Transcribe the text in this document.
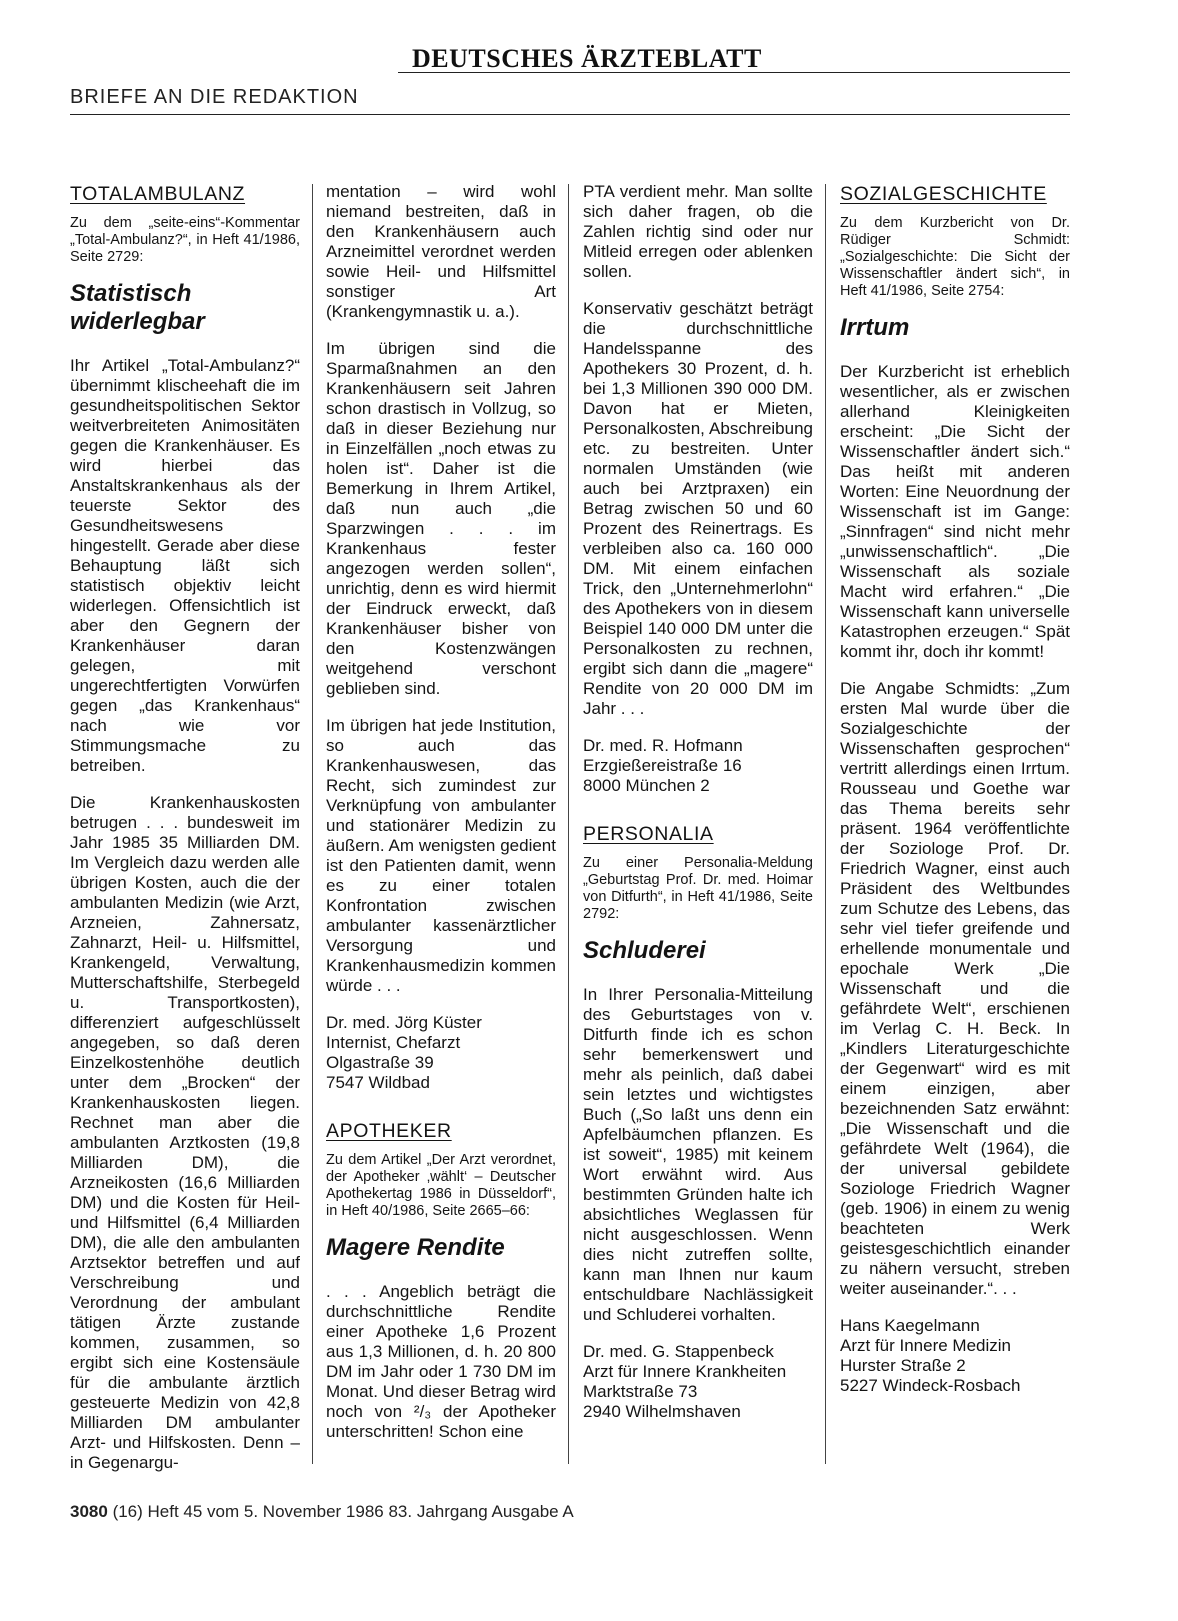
DEUTSCHES ÄRZTEBLATT
BRIEFE AN DIE REDAKTION
TOTALAMBULANZ
Zu dem „seite-eins“-Kommentar „Total-Ambulanz?“, in Heft 41/1986, Seite 2729:
Statistisch widerlegbar
Ihr Artikel „Total-Ambulanz?“ übernimmt klischeehaft die im gesundheitspolitischen Sektor weitverbreiteten Animositäten gegen die Krankenhäuser. Es wird hierbei das Anstaltskrankenhaus als der teuerste Sektor des Gesundheitswesens hingestellt. Gerade aber diese Behauptung läßt sich statistisch objektiv leicht widerlegen. Offensichtlich ist aber den Gegnern der Krankenhäuser daran gelegen, mit ungerechtfertigten Vorwürfen gegen „das Krankenhaus“ nach wie vor Stimmungsmache zu betreiben.
Die Krankenhauskosten betrugen . . . bundesweit im Jahr 1985 35 Milliarden DM. Im Vergleich dazu werden alle übrigen Kosten, auch die der ambulanten Medizin (wie Arzt, Arzneien, Zahnersatz, Zahnarzt, Heil- u. Hilfsmittel, Krankengeld, Verwaltung, Mutterschaftshilfe, Sterbegeld u. Transportkosten), differenziert aufgeschlüsselt angegeben, so daß deren Einzelkostenhöhe deutlich unter dem „Brocken“ der Krankenhauskosten liegen. Rechnet man aber die ambulanten Arztkosten (19,8 Milliarden DM), die Arzneikosten (16,6 Milliarden DM) und die Kosten für Heil- und Hilfsmittel (6,4 Milliarden DM), die alle den ambulanten Arztsektor betreffen und auf Verschreibung und Verordnung der ambulant tätigen Ärzte zustande kommen, zusammen, so ergibt sich eine Kostensäule für die ambulante ärztlich gesteuerte Medizin von 42,8 Milliarden DM ambulanter Arzt- und Hilfskosten. Denn – in Gegenargu-
mentation – wird wohl niemand bestreiten, daß in den Krankenhäusern auch Arzneimittel verordnet werden sowie Heil- und Hilfsmittel sonstiger Art (Krankengymnastik u. a.).
Im übrigen sind die Sparmaßnahmen an den Krankenhäusern seit Jahren schon drastisch in Vollzug, so daß in dieser Beziehung nur in Einzelfällen „noch etwas zu holen ist“. Daher ist die Bemerkung in Ihrem Artikel, daß nun auch „die Sparzwingen . . . im Krankenhaus fester angezogen werden sollen“, unrichtig, denn es wird hiermit der Eindruck erweckt, daß Krankenhäuser bisher von den Kostenzwängen weitgehend verschont geblieben sind.
Im übrigen hat jede Institution, so auch das Krankenhauswesen, das Recht, sich zumindest zur Verknüpfung von ambulanter und stationärer Medizin zu äußern. Am wenigsten gedient ist den Patienten damit, wenn es zu einer totalen Konfrontation zwischen ambulanter kassenärztlicher Versorgung und Krankenhausmedizin kommen würde . . .
Dr. med. Jörg Küster
Internist, Chefarzt
Olgastraße 39
7547 Wildbad
APOTHEKER
Zu dem Artikel „Der Arzt verordnet, der Apotheker ‚wählt‘ – Deutscher Apothekertag 1986 in Düsseldorf“, in Heft 40/1986, Seite 2665–66:
Magere Rendite
. . . Angeblich beträgt die durchschnittliche Rendite einer Apotheke 1,6 Prozent aus 1,3 Millionen, d. h. 20 800 DM im Jahr oder 1 730 DM im Monat. Und dieser Betrag wird noch von ²/₃ der Apotheker unterschritten! Schon eine
PTA verdient mehr. Man sollte sich daher fragen, ob die Zahlen richtig sind oder nur Mitleid erregen oder ablenken sollen.
Konservativ geschätzt beträgt die durchschnittliche Handelsspanne des Apothekers 30 Prozent, d. h. bei 1,3 Millionen 390 000 DM. Davon hat er Mieten, Personalkosten, Abschreibung etc. zu bestreiten. Unter normalen Umständen (wie auch bei Arztpraxen) ein Betrag zwischen 50 und 60 Prozent des Reinertrags. Es verbleiben also ca. 160 000 DM. Mit einem einfachen Trick, den „Unternehmerlohn“ des Apothekers von in diesem Beispiel 140 000 DM unter die Personalkosten zu rechnen, ergibt sich dann die „magere“ Rendite von 20 000 DM im Jahr . . .
Dr. med. R. Hofmann
Erzgießereistraße 16
8000 München 2
PERSONALIA
Zu einer Personalia-Meldung „Geburtstag Prof. Dr. med. Hoimar von Ditfurth“, in Heft 41/1986, Seite 2792:
Schluderei
In Ihrer Personalia-Mitteilung des Geburtstages von v. Ditfurth finde ich es schon sehr bemerkenswert und mehr als peinlich, daß dabei sein letztes und wichtigstes Buch („So laßt uns denn ein Apfelbäumchen pflanzen. Es ist soweit“, 1985) mit keinem Wort erwähnt wird. Aus bestimmten Gründen halte ich absichtliches Weglassen für nicht ausgeschlossen. Wenn dies nicht zutreffen sollte, kann man Ihnen nur kaum entschuldbare Nachlässigkeit und Schluderei vorhalten.
Dr. med. G. Stappenbeck
Arzt für Innere Krankheiten
Marktstraße 73
2940 Wilhelmshaven
SOZIALGESCHICHTE
Zu dem Kurzbericht von Dr. Rüdiger Schmidt: „Sozialgeschichte: Die Sicht der Wissenschaftler ändert sich“, in Heft 41/1986, Seite 2754:
Irrtum
Der Kurzbericht ist erheblich wesentlicher, als er zwischen allerhand Kleinigkeiten erscheint: „Die Sicht der Wissenschaftler ändert sich.“ Das heißt mit anderen Worten: Eine Neuordnung der Wissenschaft ist im Gange: „Sinnfragen“ sind nicht mehr „unwissenschaftlich“. „Die Wissenschaft als soziale Macht wird erfahren.“ „Die Wissenschaft kann universelle Katastrophen erzeugen.“ Spät kommt ihr, doch ihr kommt!
Die Angabe Schmidts: „Zum ersten Mal wurde über die Sozialgeschichte der Wissenschaften gesprochen“ vertritt allerdings einen Irrtum. Rousseau und Goethe war das Thema bereits sehr präsent. 1964 veröffentlichte der Soziologe Prof. Dr. Friedrich Wagner, einst auch Präsident des Weltbundes zum Schutze des Lebens, das sehr viel tiefer greifende und erhellende monumentale und epochale Werk „Die Wissenschaft und die gefährdete Welt“, erschienen im Verlag C. H. Beck. In „Kindlers Literaturgeschichte der Gegenwart“ wird es mit einem einzigen, aber bezeichnenden Satz erwähnt: „Die Wissenschaft und die gefährdete Welt (1964), die der universal gebildete Soziologe Friedrich Wagner (geb. 1906) in einem zu wenig beachteten Werk geistesgeschichtlich einander zu nähern versucht, streben weiter auseinander.“. . .
Hans Kaegelmann
Arzt für Innere Medizin
Hurster Straße 2
5227 Windeck-Rosbach
3080 (16) Heft 45 vom 5. November 1986 83. Jahrgang Ausgabe A
